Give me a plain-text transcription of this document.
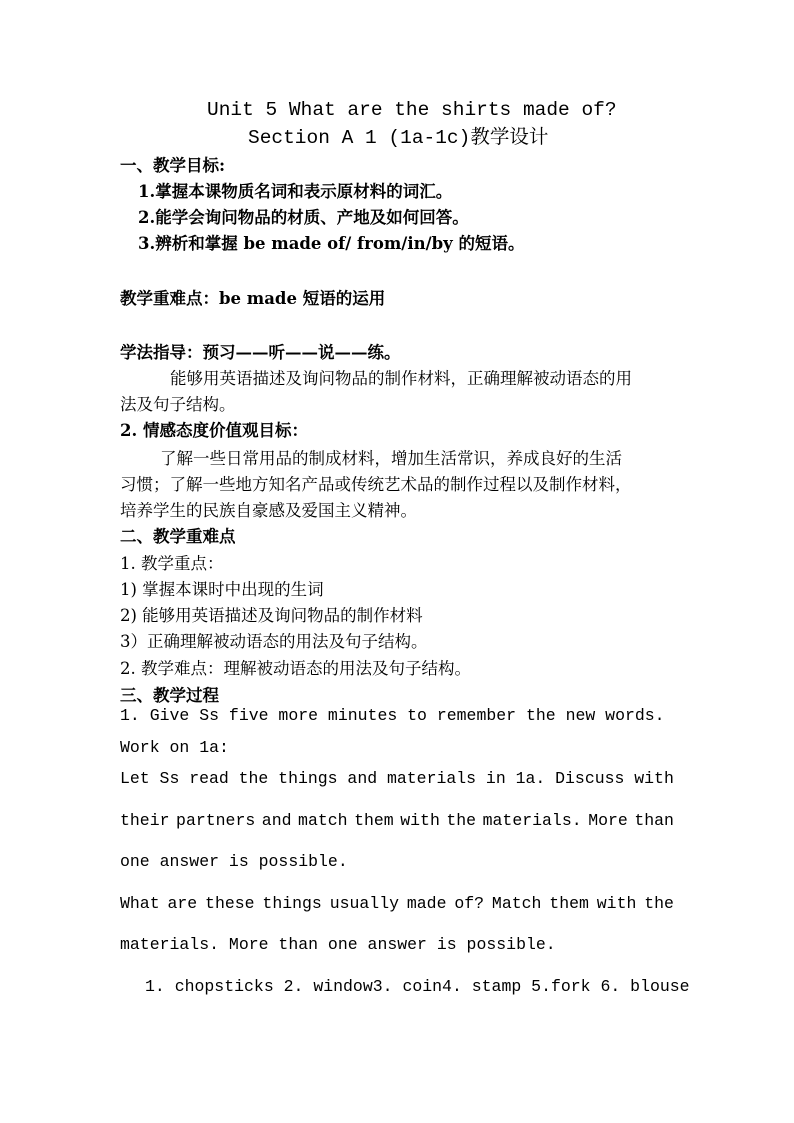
Unit 5 What are the shirts made of?
Section A 1 (1a-1c)教学设计
一、教学目标:
1.掌握本课物质名词和表示原材料的词汇。
2.能学会询问物品的材质、产地及如何回答。
3.辨析和掌握 be made of/ from/in/by 的短语。
教学重难点：be made 短语的运用
学法指导：预习——听——说——练。
能够用英语描述及询问物品的制作材料，正确理解被动语态的用
法及句子结构。
2. 情感态度价值观目标：
了解一些日常用品的制成材料，增加生活常识，养成良好的生活
习惯；了解一些地方知名产品或传统艺术品的制作过程以及制作材料，
培养学生的民族自豪感及爱国主义精神。
二、教学重难点
1. 教学重点：
1) 掌握本课时中出现的生词
2) 能够用英语描述及询问物品的制作材料
3）正确理解被动语态的用法及句子结构。
2. 教学难点：理解被动语态的用法及句子结构。
三、教学过程
1. Give Ss five more minutes to remember the new words.
Work on 1a:
Let Ss read the things and materials in 1a. Discuss with
their partners and match them with the materials. More than
one answer is possible.
What are these things usually made of? Match them with the
materials. More than one answer is possible.
1. chopsticks 2. window3. coin4. stamp 5.fork 6. blouse
